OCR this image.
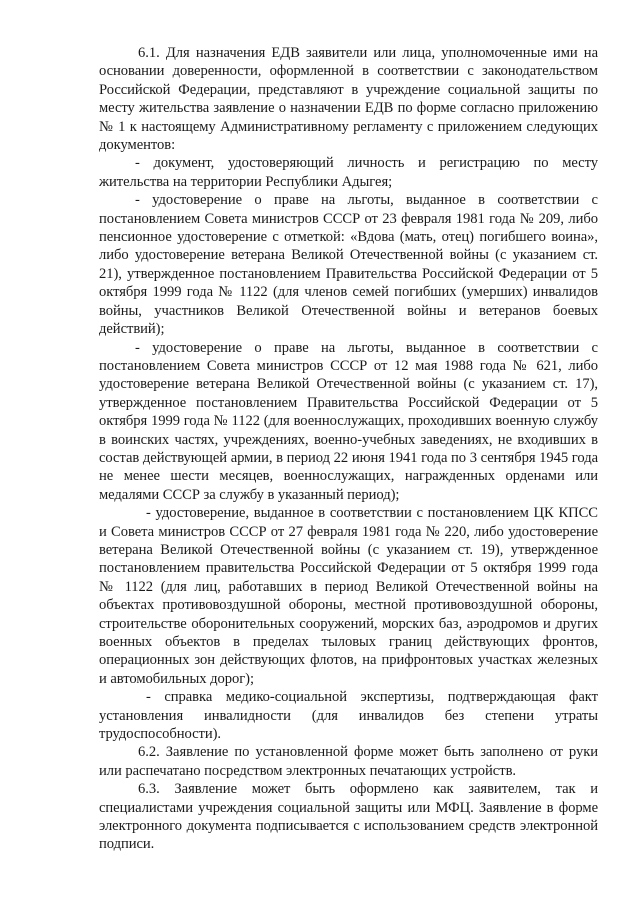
6.1. Для назначения ЕДВ заявители или лица, уполномоченные ими на основании доверенности, оформленной в соответствии с законодательством Российской Федерации, представляют в учреждение социальной защиты по месту жительства заявление о назначении ЕДВ по форме согласно приложению № 1 к настоящему Административному регламенту с приложением следующих документов:

- документ, удостоверяющий личность и регистрацию по месту жительства на территории Республики Адыгея;

- удостоверение о праве на льготы, выданное в соответствии с постановлением Совета министров СССР от 23 февраля 1981 года № 209, либо пенсионное удостоверение с отметкой: «Вдова (мать, отец) погибшего воина», либо удостоверение ветерана Великой Отечественной войны (с указанием ст. 21), утвержденное постановлением Правительства Российской Федерации от 5 октября 1999 года № 1122 (для членов семей погибших (умерших) инвалидов войны, участников Великой Отечественной войны и ветеранов боевых действий);

- удостоверение о праве на льготы, выданное в соответствии с постановлением Совета министров СССР от 12 мая 1988 года № 621, либо удостоверение ветерана Великой Отечественной войны (с указанием ст. 17), утвержденное постановлением Правительства Российской Федерации от 5 октября 1999 года № 1122 (для военнослужащих, проходивших военную службу в воинских частях, учреждениях, военно-учебных заведениях, не входивших в состав действующей армии, в период 22 июня 1941 года по 3 сентября 1945 года не менее шести месяцев, военнослужащих, награжденных орденами или медалями СССР за службу в указанный период);

- удостоверение, выданное в соответствии с постановлением ЦК КПСС и Совета министров СССР от 27 февраля 1981 года № 220, либо удостоверение ветерана Великой Отечественной войны (с указанием ст. 19), утвержденное постановлением правительства Российской Федерации от 5 октября 1999 года № 1122 (для лиц, работавших в период Великой Отечественной войны на объектах противовоздушной обороны, местной противовоздушной обороны, строительстве оборонительных сооружений, морских баз, аэродромов и других военных объектов в пределах тыловых границ действующих фронтов, операционных зон действующих флотов, на прифронтовых участках железных и автомобильных дорог);

- справка медико-социальной экспертизы, подтверждающая факт установления инвалидности (для инвалидов без степени утраты трудоспособности).

6.2. Заявление по установленной форме может быть заполнено от руки или распечатано посредством электронных печатающих устройств.

6.3. Заявление может быть оформлено как заявителем, так и специалистами учреждения социальной защиты или МФЦ. Заявление в форме электронного документа подписывается с использованием средств электронной подписи.
